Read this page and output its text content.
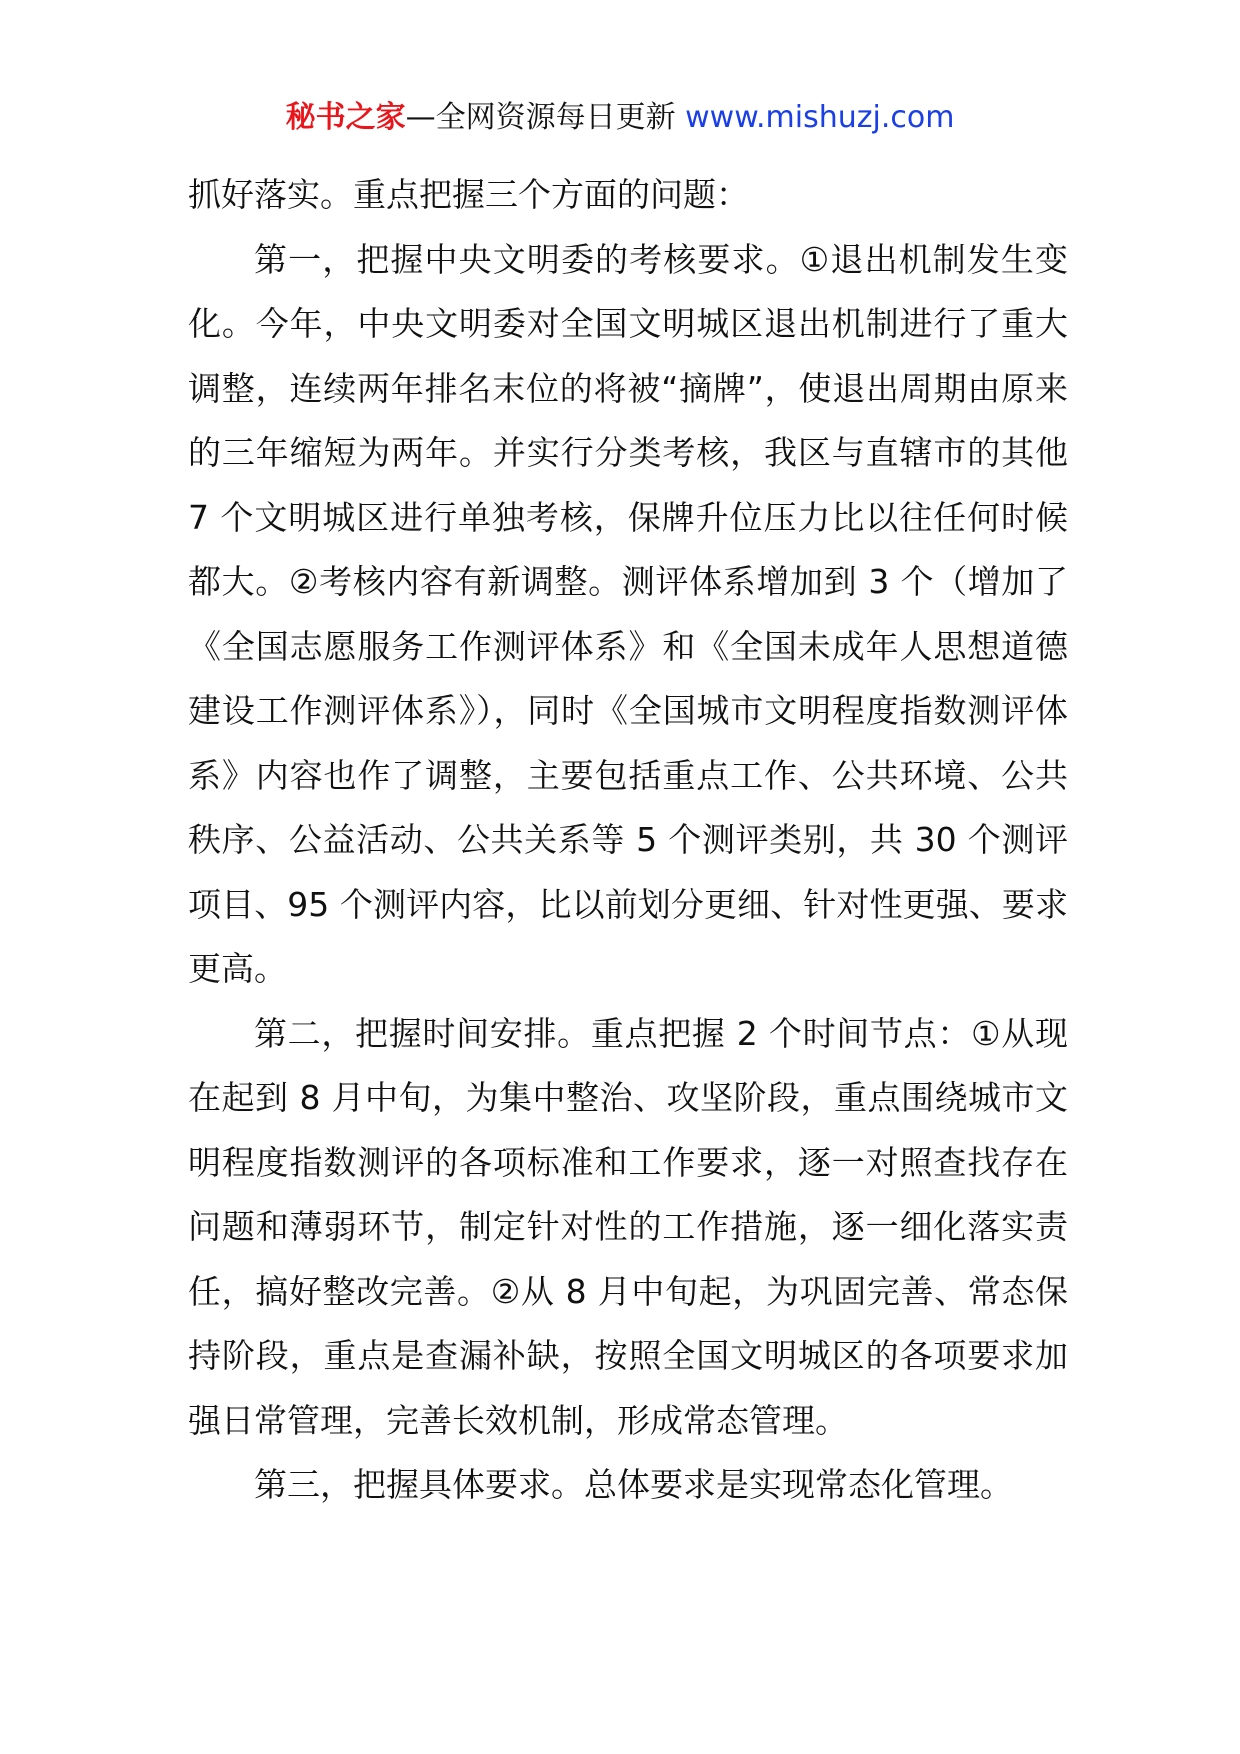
秘书之家—全网资源每日更新 www.mishuzj.com

抓好落实。重点把握三个方面的问题：

第一，把握中央文明委的考核要求。①退出机制发生变化。今年，中央文明委对全国文明城区退出机制进行了重大调整，连续两年排名末位的将被“摘牌”，使退出周期由原来的三年缩短为两年。并实行分类考核，我区与直辖市的其他 7 个文明城区进行单独考核，保牌升位压力比以往任何时候都大。②考核内容有新调整。测评体系增加到 3 个（增加了《全国志愿服务工作测评体系》和《全国未成年人思想道德建设工作测评体系》），同时《全国城市文明程度指数测评体系》内容也作了调整，主要包括重点工作、公共环境、公共秩序、公益活动、公共关系等 5 个测评类别，共 30 个测评项目、95 个测评内容，比以前划分更细、针对性更强、要求更高。

第二，把握时间安排。重点把握 2 个时间节点：①从现在起到 8 月中旬，为集中整治、攻坚阶段，重点围绕城市文明程度指数测评的各项标准和工作要求，逐一对照查找存在问题和薄弱环节，制定针对性的工作措施，逐一细化落实责任，搞好整改完善。②从 8 月中旬起，为巩固完善、常态保持阶段，重点是查漏补缺，按照全国文明城区的各项要求加强日常管理，完善长效机制，形成常态管理。

第三，把握具体要求。总体要求是实现常态化管理。
